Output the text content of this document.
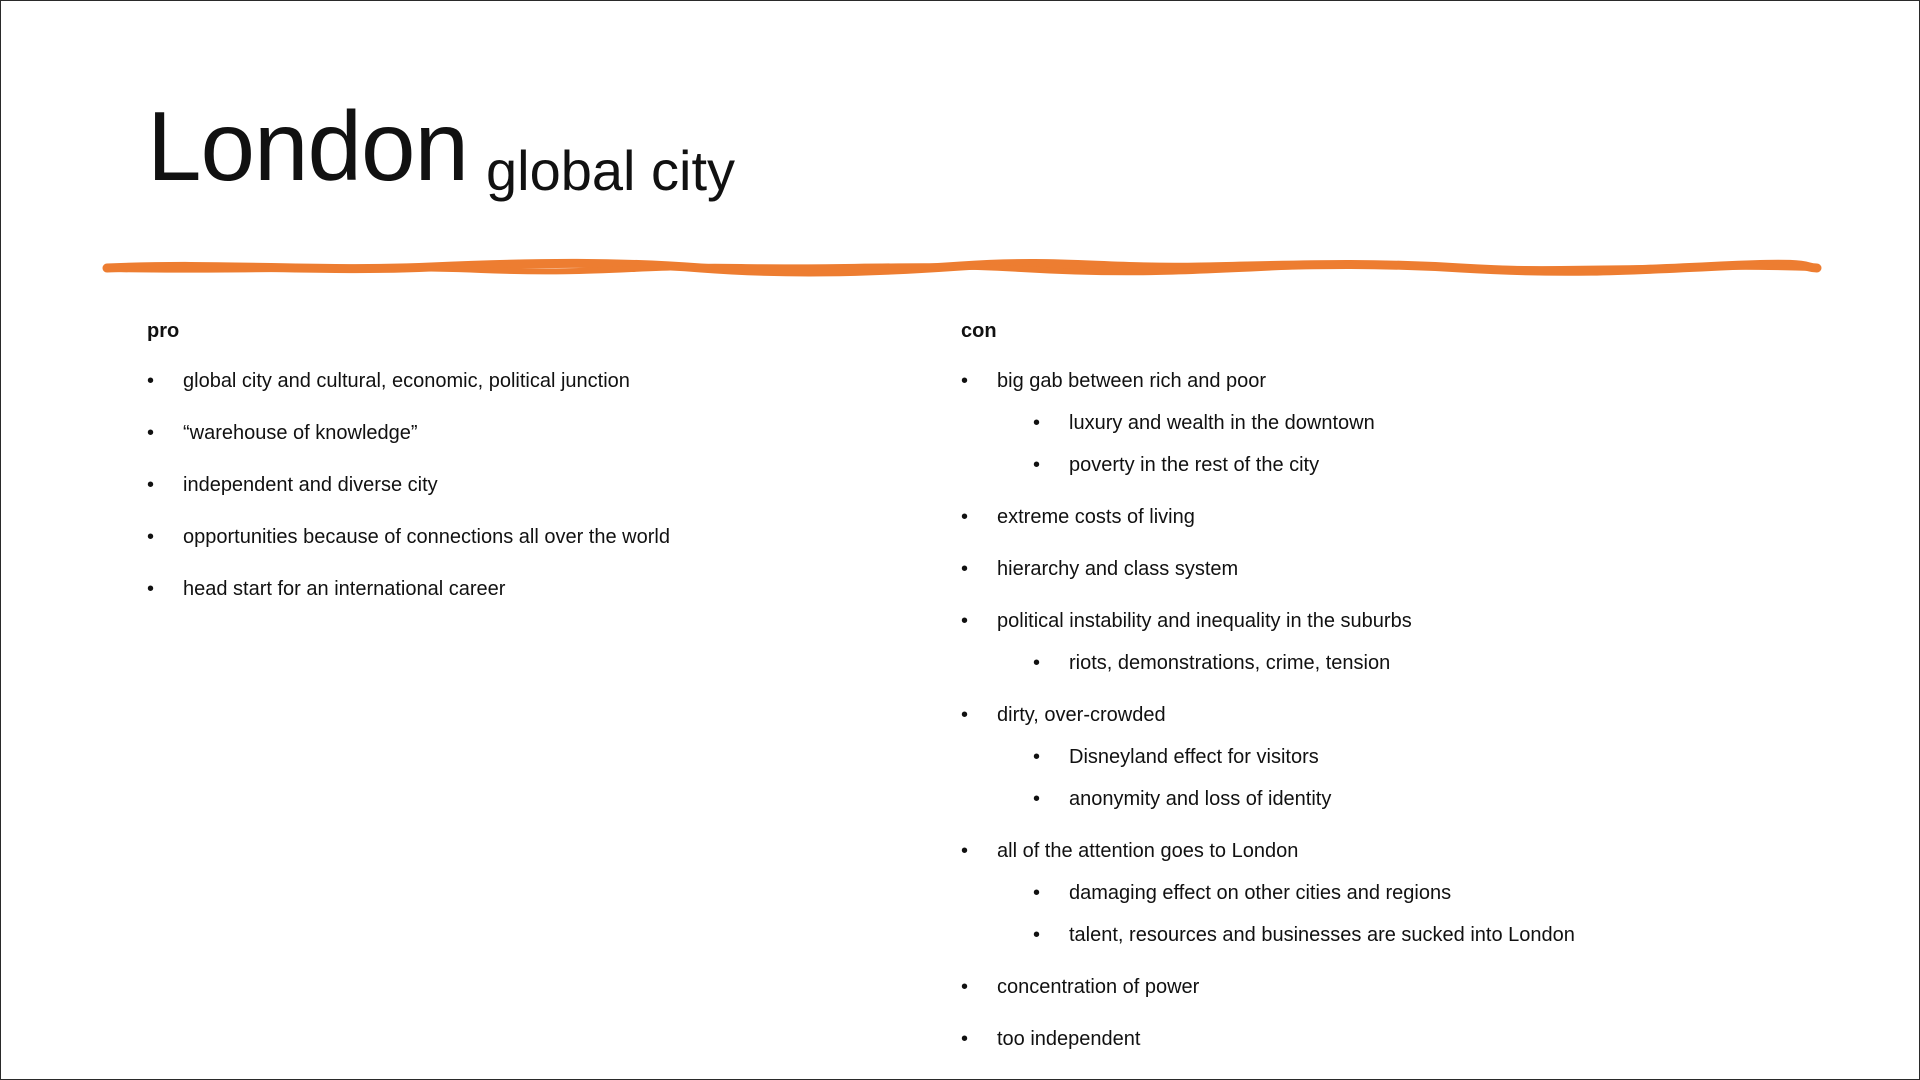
London global city
pro
• global city and cultural, economic, political junction
• “warehouse of knowledge”
• independent and diverse city
• opportunities because of connections all over the world
• head start for an international career
con
• big gab between rich and poor
• luxury and wealth in the downtown
• poverty in the rest of the city
• extreme costs of living
• hierarchy and class system
• political instability and inequality in the suburbs
• riots, demonstrations, crime, tension
• dirty, over-crowded
• Disneyland effect for visitors
• anonymity and loss of identity
• all of the attention goes to London
• damaging effect on other cities and regions
• talent, resources and businesses are sucked into London
• concentration of power
• too independent
